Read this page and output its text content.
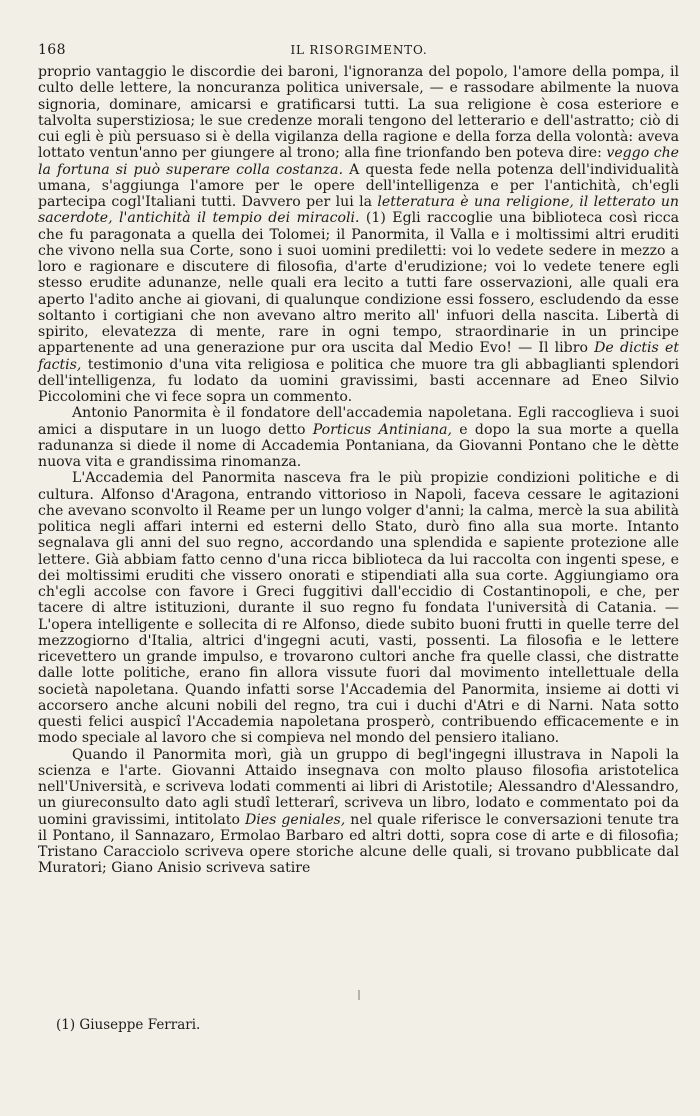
168	IL RISORGIMENTO.

proprio vantaggio le discordie dei baroni, l'ignoranza del popolo, l'amore della pompa, il culto delle lettere, la noncuranza politica universale, — e rassodare abilmente la nuova signoria, dominare, amicarsi e gratificarsi tutti. La sua religione è cosa esteriore e talvolta superstiziosa; le sue credenze morali tengono del letterario e dell'astratto; ciò di cui egli è più persuaso si è della vigilanza della ragione e della forza della volontà: aveva lottato ventun'anno per giungere al trono; alla fine trionfando ben poteva dire: veggo che la fortuna si può superare colla costanza. A questa fede nella potenza dell'individualità umana, s'aggiunga l'amore per le opere dell'intelligenza e per l'antichità, ch'egli partecipa cogl'Italiani tutti. Davvero per lui la letteratura è una religione, il letterato un sacerdote, l'antichità il tempio dei miracoli. (1) Egli raccoglie una biblioteca così ricca che fu paragonata a quella dei Tolomei; il Panormita, il Valla e i moltissimi altri eruditi che vivono nella sua Corte, sono i suoi uomini prediletti: voi lo vedete sedere in mezzo a loro e ragionare e discutere di filosofia, d'arte d'erudizione; voi lo vedete tenere egli stesso erudite adunanze, nelle quali era lecito a tutti fare osservazioni, alle quali era aperto l'adito anche ai giovani, di qualunque condizione essi fossero, escludendo da esse soltanto i cortigiani che non avevano altro merito all' infuori della nascita. Libertà di spirito, elevatezza di mente, rare in ogni tempo, straordinarie in un principe appartenente ad una generazione pur ora uscita dal Medio Evo! — Il libro De dictis et factis, testimonio d'una vita religiosa e politica che muore tra gli abbaglianti splendori dell'intelligenza, fu lodato da uomini gravissimi, basti accennare ad Eneo Silvio Piccolomini che vi fece sopra un commento.

Antonio Panormita è il fondatore dell'accademia napoletana. Egli raccoglieva i suoi amici a disputare in un luogo detto Porticus Antiniana, e dopo la sua morte a quella radunanza si diede il nome di Accademia Pontaniana, da Giovanni Pontano che le dètte nuova vita e grandissima rinomanza.

L'Accademia del Panormita nasceva fra le più propizie condizioni politiche e di cultura. Alfonso d'Aragona, entrando vittorioso in Napoli, faceva cessare le agitazioni che avevano sconvolto il Reame per un lungo volger d'anni; la calma, mercè la sua abilità politica negli affari interni ed esterni dello Stato, durò fino alla sua morte. Intanto segnalava gli anni del suo regno, accordando una splendida e sapiente protezione alle lettere. Già abbiam fatto cenno d'una ricca biblioteca da lui raccolta con ingenti spese, e dei moltissimi eruditi che vissero onorati e stipendiati alla sua corte. Aggiungiamo ora ch'egli accolse con favore i Greci fuggitivi dall'eccidio di Costantinopoli, e che, per tacere di altre istituzioni, durante il suo regno fu fondata l'università di Catania. — L'opera intelligente e sollecita di re Alfonso, diede subito buoni frutti in quelle terre del mezzogiorno d'Italia, altrici d'ingegni acuti, vasti, possenti. La filosofia e le lettere ricevettero un grande impulso, e trovarono cultori anche fra quelle classi, che distratte dalle lotte politiche, erano fin allora vissute fuori dal movimento intellettuale della società napoletana. Quando infatti sorse l'Accademia del Panormita, insieme ai dotti vi accorsero anche alcuni nobili del regno, tra cui i duchi d'Atri e di Narni. Nata sotto questi felici auspicî l'Accademia napoletana prosperò, contribuendo efficacemente e in modo speciale al lavoro che si compieva nel mondo del pensiero italiano.

Quando il Panormita morì, già un gruppo di begl'ingegni illustrava in Napoli la scienza e l'arte. Giovanni Attaido insegnava con molto plauso filosofia aristotelica nell'Università, e scriveva lodati commenti ai libri di Aristotile; Alessandro d'Alessandro, un giureconsulto dato agli studî letterarî, scriveva un libro, lodato e commentato poi da uomini gravissimi, intitolato Dies geniales, nel quale riferisce le conversazioni tenute tra il Pontano, il Sannazaro, Ermolao Barbaro ed altri dotti, sopra cose di arte e di filosofia; Tristano Caracciolo scriveva opere storiche alcune delle quali, si trovano pubblicate dal Muratori; Giano Anisio scriveva satire

(1) Giuseppe Ferrari.
